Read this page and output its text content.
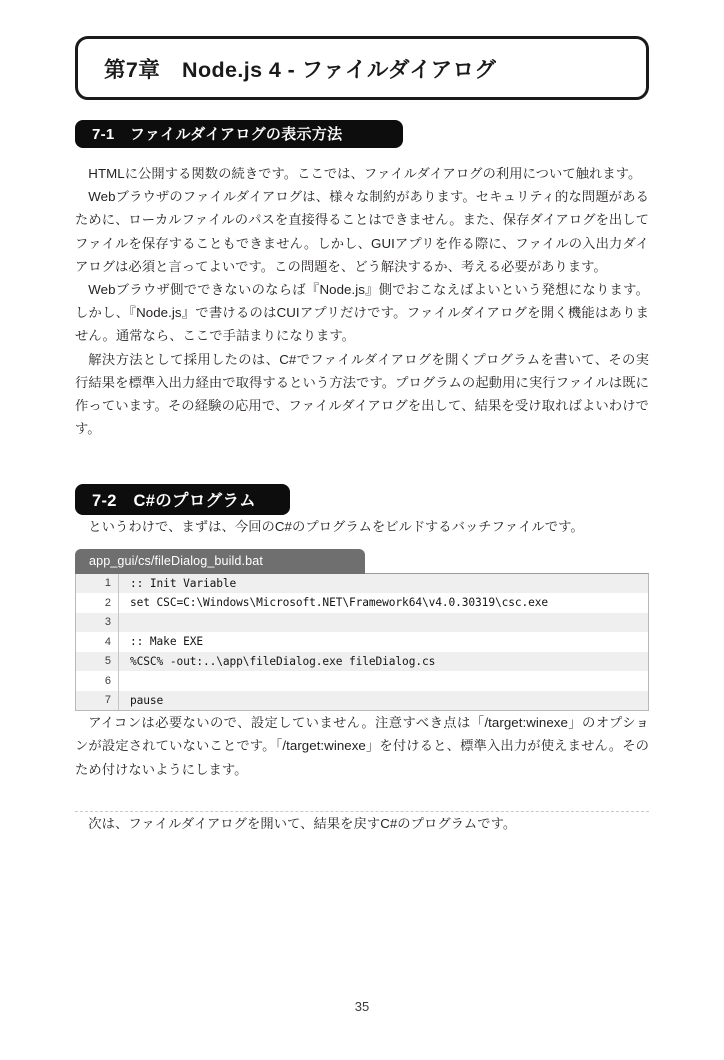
第7章　Node.js 4 - ファイルダイアログ
7-1　ファイルダイアログの表示方法

HTMLに公開する関数の続きです。ここでは、ファイルダイアログの利用について触れます。

Webブラウザのファイルダイアログは、様々な制約があります。セキュリティ的な問題があるために、ローカルファイルのパスを直接得ることはできません。また、保存ダイアログを出してファイルを保存することもできません。しかし、GUIアプリを作る際に、ファイルの入出力ダイアログは必須と言ってよいです。この問題を、どう解決するか、考える必要があります。

Webブラウザ側でできないのならば『Node.js』側でおこなえばよいという発想になります。しかし、『Node.js』で書けるのはCUIアプリだけです。ファイルダイアログを開く機能はありません。通常なら、ここで手詰まりになります。

解決方法として採用したのは、C#でファイルダイアログを開くプログラムを書いて、その実行結果を標準入出力経由で取得するという方法です。プログラムの起動用に実行ファイルは既に作っています。その経験の応用で、ファイルダイアログを出して、結果を受け取ればよいわけです。

7-2　C#のプログラム

というわけで、まずは、今回のC#のプログラムをビルドするバッチファイルです。

app_gui/cs/fileDialog_build.bat
1	:: Init Variable
2	set CSC=C:\Windows\Microsoft.NET\Framework64\v4.0.30319\csc.exe
3	
4	:: Make EXE
5	%CSC% -out:..\app\fileDialog.exe fileDialog.cs
6	
7	pause

アイコンは必要ないので、設定していません。注意すべき点は「/target:winexe」のオプションが設定されていないことです。「/target:winexe」を付けると、標準入出力が使えません。そのため付けないようにします。

次は、ファイルダイアログを開いて、結果を戻すC#のプログラムです。

35
